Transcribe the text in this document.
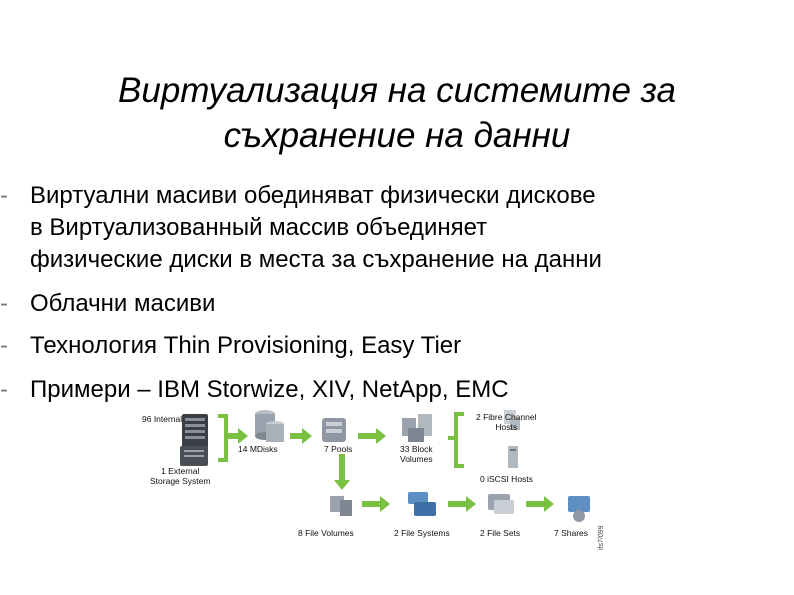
Виртуализация на системите за
съхранение на данни
- Виртуални масиви обединяват физически дискове
в Виртуализованный массив объединяет
физические диски в места за съхранение на данни
- Облачни масиви
- Технология Thin Provisioning, Easy Tier
- Примери – IBM Storwize, XIV, NetApp, EMC
96 Internal
1 External
Storage System
14 MDisks	7 Pools	33 Block
Volumes
2 Fibre Channel
Hosts
0 iSCSI Hosts
8 File Volumes	2 File Systems	2 File Sets	7 Shares ifs7/099
